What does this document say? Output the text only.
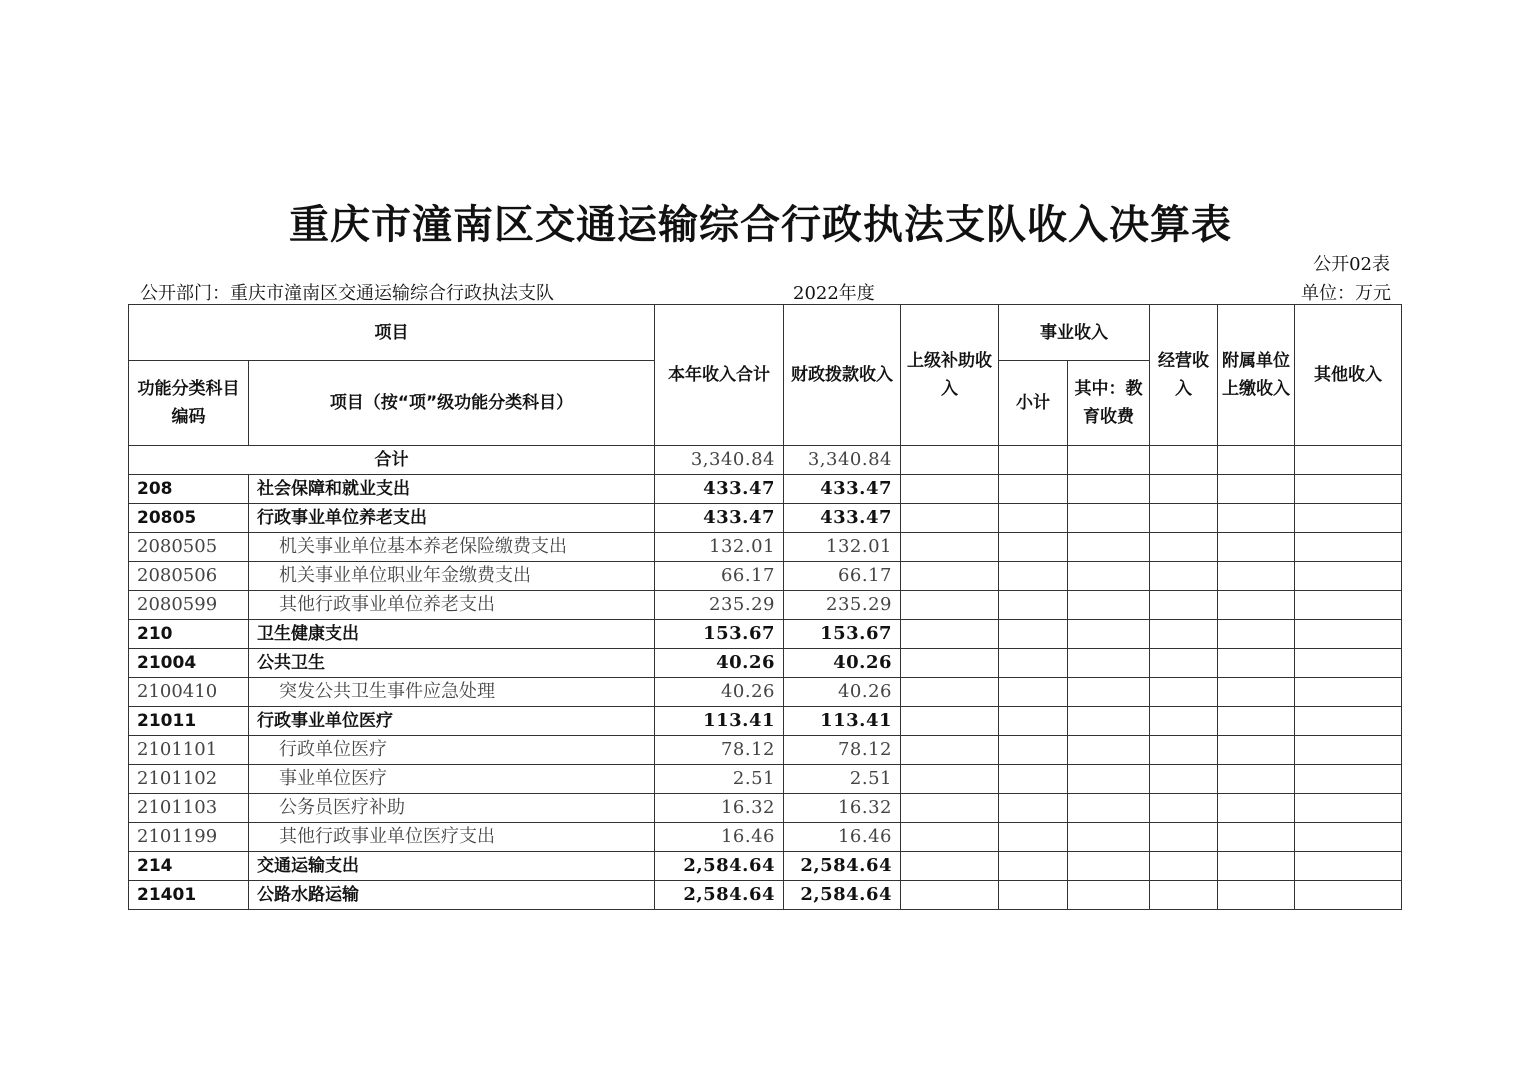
重庆市潼南区交通运输综合行政执法支队收入决算表
公开02表
公开部门：重庆市潼南区交通运输综合行政执法支队	2022年度	单位：万元
项目		本年收入合计	财政拨款收入	上级补助收入	事业收入		经营收入	附属单位上缴收入	其他收入
功能分类科目编码	项目（按“项”级功能分类科目）				小计	其中：教育收费			
合计		3,340.84	3,340.84						
208	社会保障和就业支出	433.47	433.47						
20805	行政事业单位养老支出	433.47	433.47						
2080505	机关事业单位基本养老保险缴费支出	132.01	132.01						
2080506	机关事业单位职业年金缴费支出	66.17	66.17						
2080599	其他行政事业单位养老支出	235.29	235.29						
210	卫生健康支出	153.67	153.67						
21004	公共卫生	40.26	40.26						
2100410	突发公共卫生事件应急处理	40.26	40.26						
21011	行政事业单位医疗	113.41	113.41						
2101101	行政单位医疗	78.12	78.12						
2101102	事业单位医疗	2.51	2.51						
2101103	公务员医疗补助	16.32	16.32						
2101199	其他行政事业单位医疗支出	16.46	16.46						
214	交通运输支出	2,584.64	2,584.64						
21401	公路水路运输	2,584.64	2,584.64						
